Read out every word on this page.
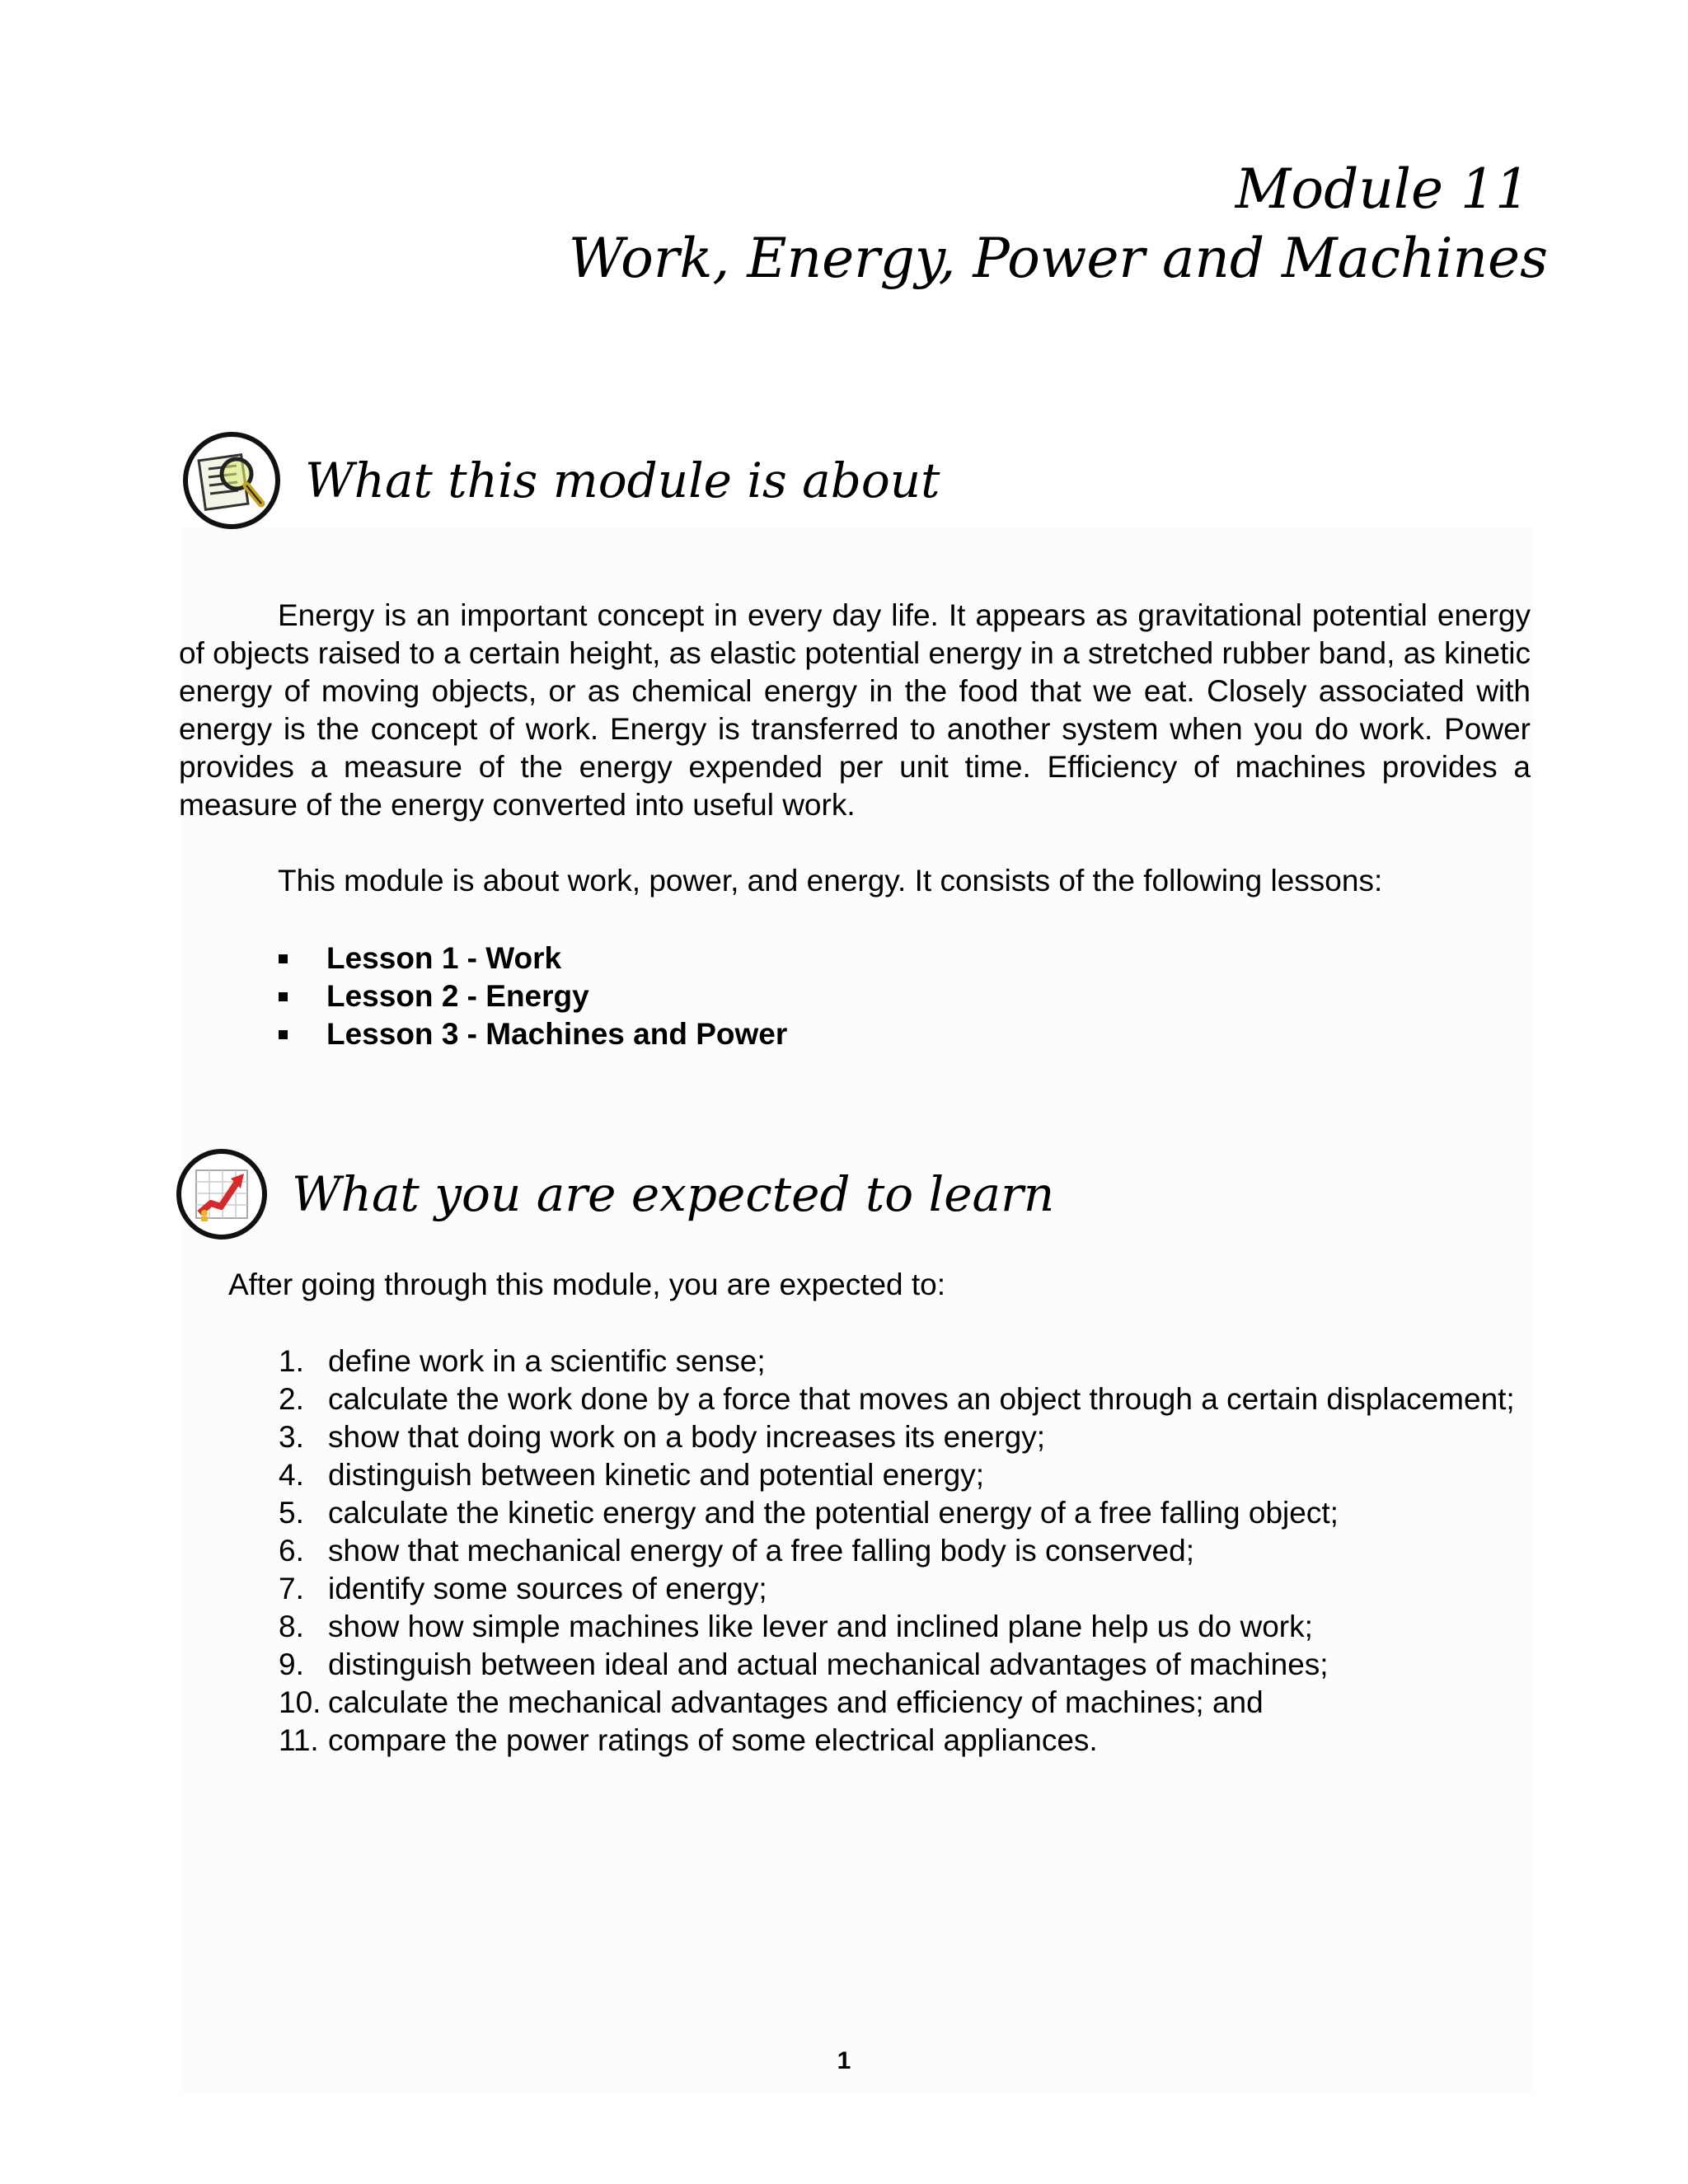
Module 11
Work, Energy, Power and Machines
What this module is about
Energy is an important concept in every day life. It appears as gravitational potential energy of objects raised to a certain height, as elastic potential energy in a stretched rubber band, as kinetic energy of moving objects, or as chemical energy in the food that we eat. Closely associated with energy is the concept of work. Energy is transferred to another system when you do work. Power provides a measure of the energy expended per unit time. Efficiency of machines provides a measure of the energy converted into useful work.
This module is about work, power, and energy. It consists of the following lessons:
Lesson 1 - Work
Lesson 2 - Energy
Lesson 3 - Machines and Power
What you are expected to learn
After going through this module, you are expected to:
1. define work in a scientific sense;
2. calculate the work done by a force that moves an object through a certain displacement;
3. show that doing work on a body increases its energy;
4. distinguish between kinetic and potential energy;
5. calculate the kinetic energy and the potential energy of a free falling object;
6. show that mechanical energy of a free falling body is conserved;
7. identify some sources of energy;
8. show how simple machines like lever and inclined plane help us do work;
9. distinguish between ideal and actual mechanical advantages of machines;
10. calculate the mechanical advantages and efficiency of machines; and
11. compare the power ratings of some electrical appliances.
1
